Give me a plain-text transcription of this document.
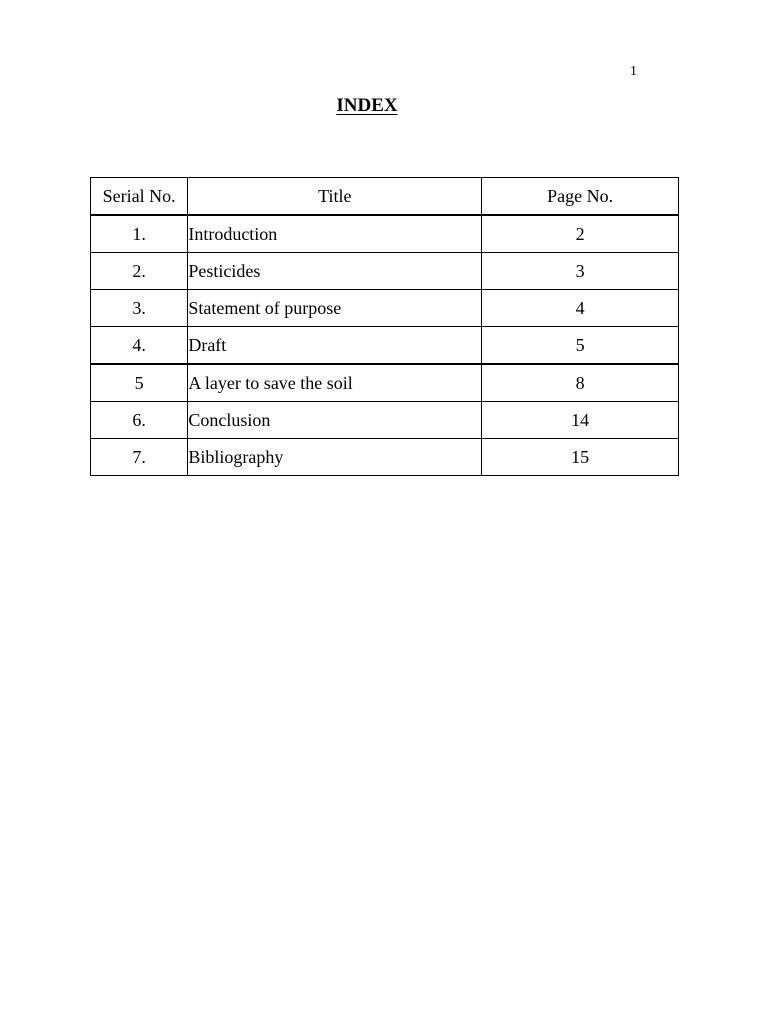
1
INDEX
Serial No.	Title	Page No.
1.	Introduction	2
2.	Pesticides	3
3.	Statement of purpose	4
4.	Draft	5
5	A layer to save the soil	8
6.	Conclusion	14
7.	Bibliography	15
